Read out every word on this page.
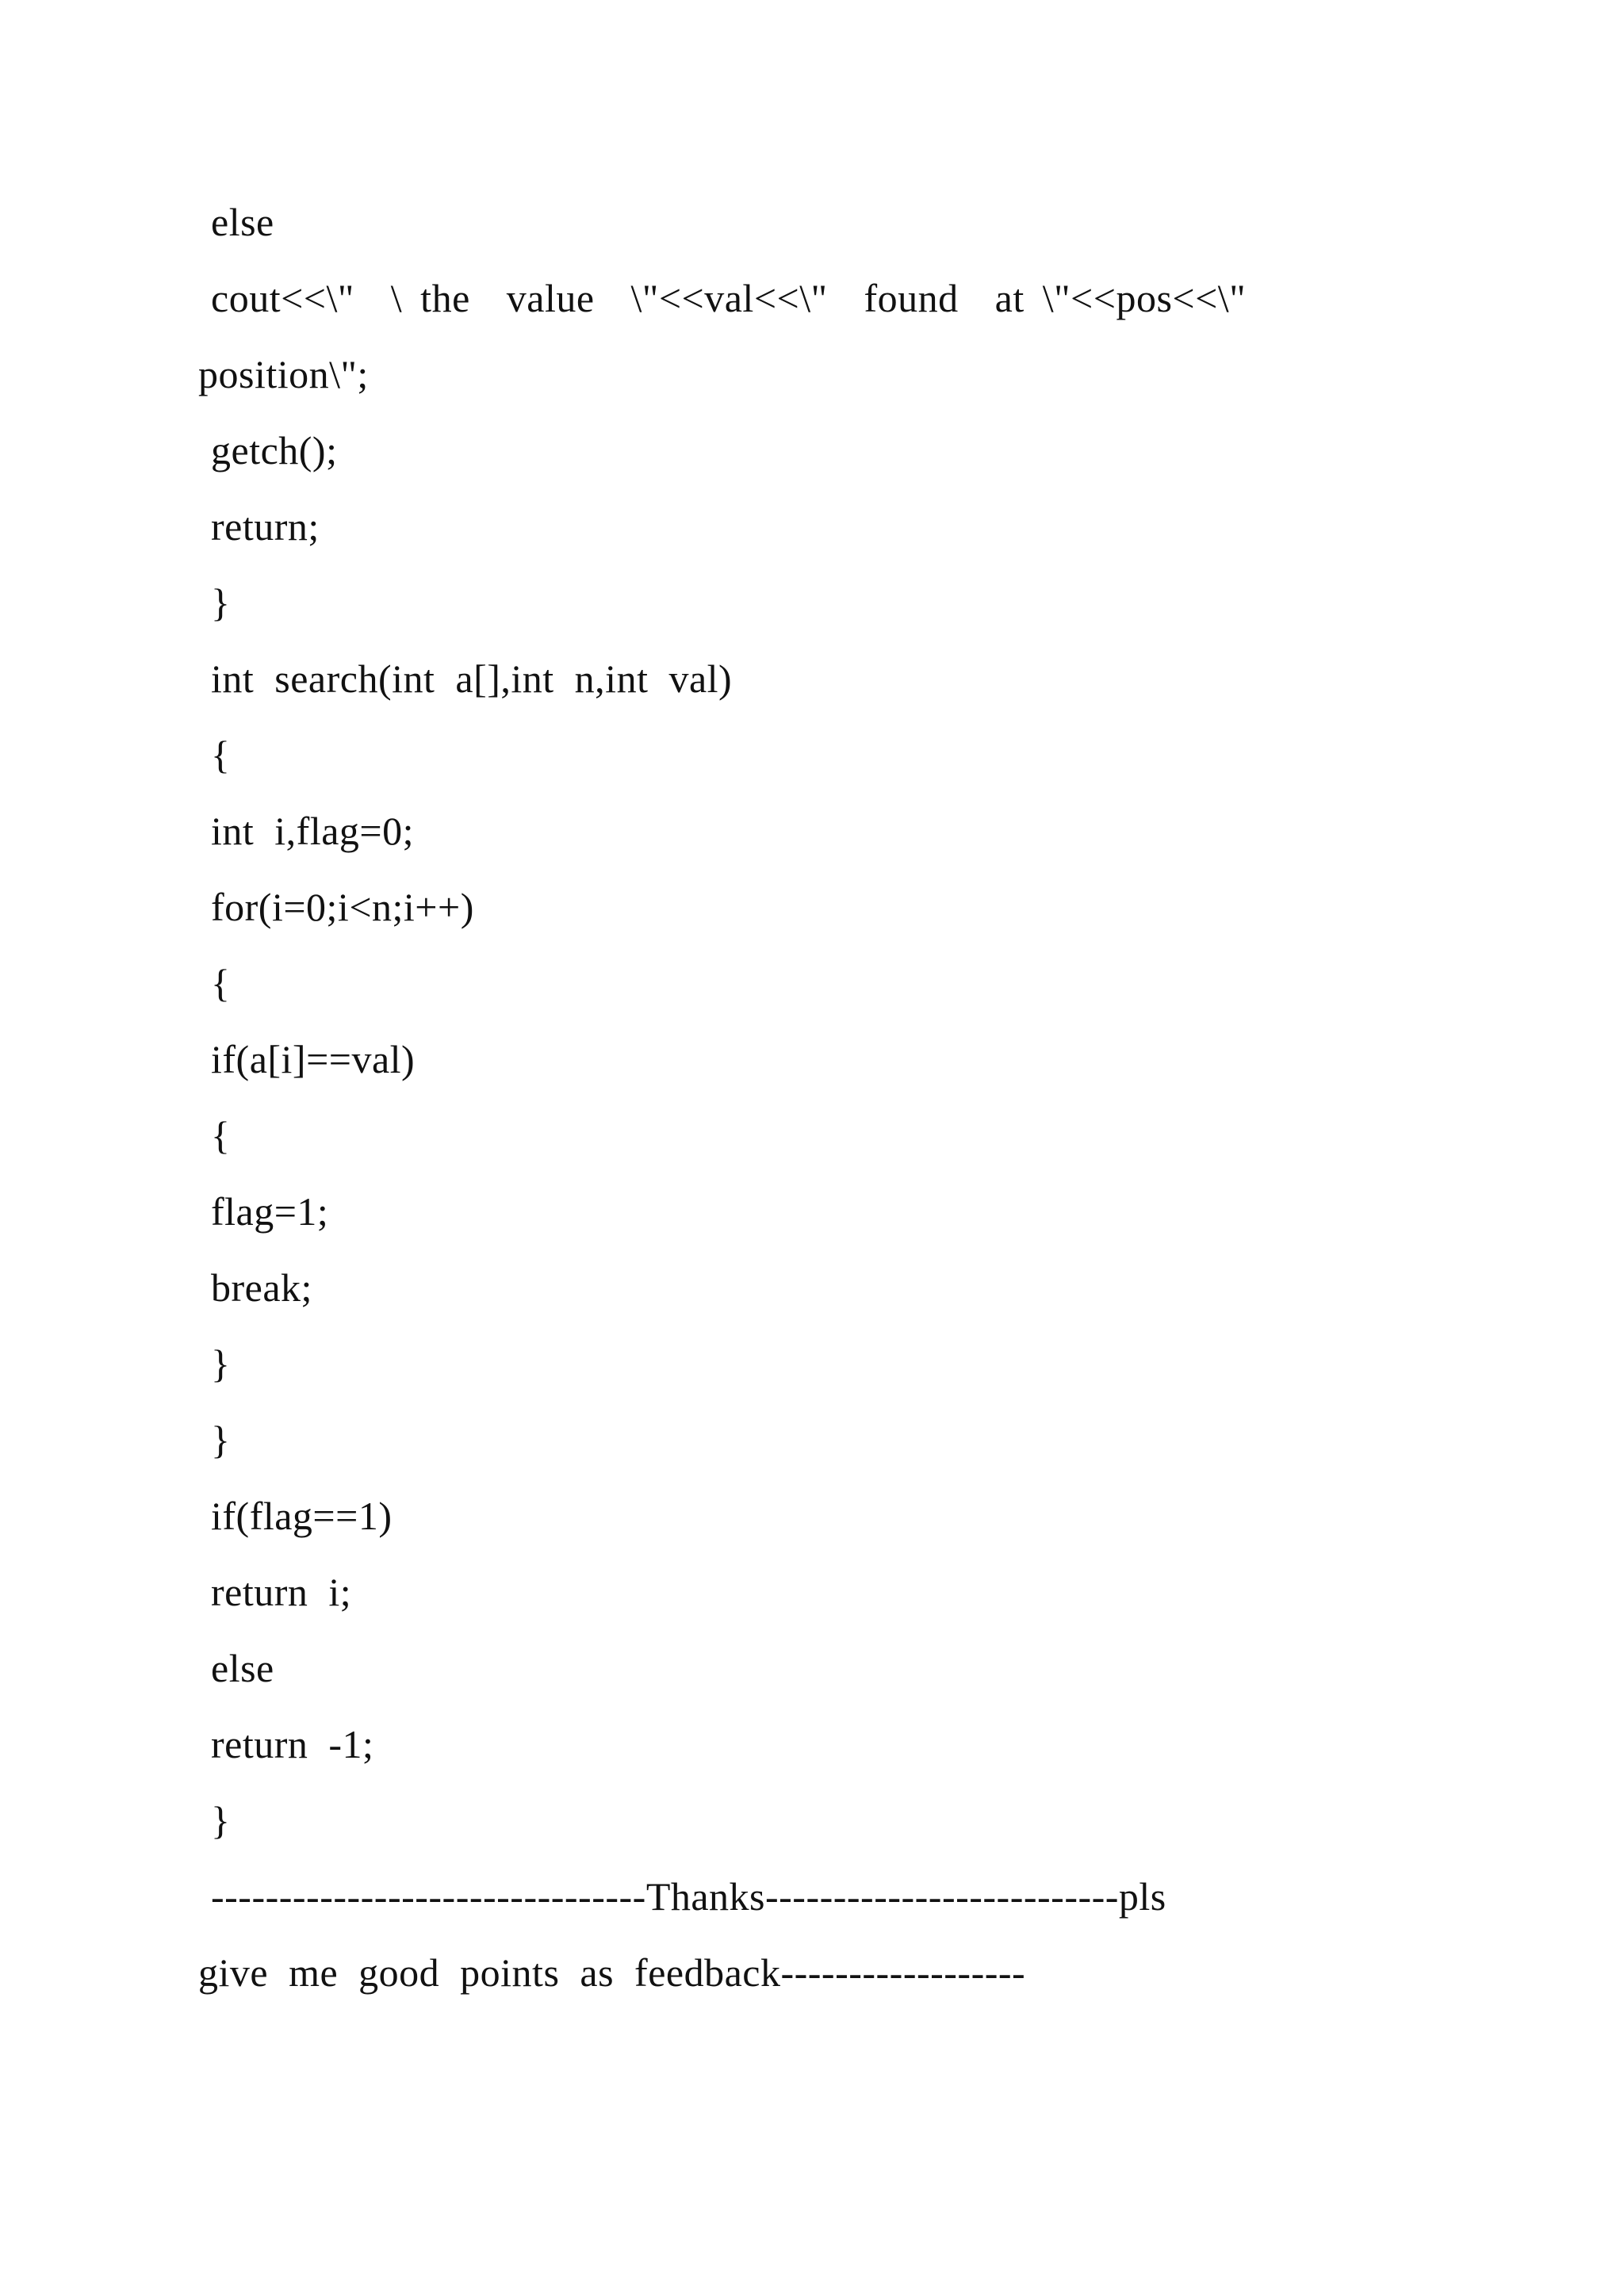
else
cout<<\"  \ the  value  \"<<val<<\"  found  at \"<<pos<<\"
position\";
getch();
return;
}
int  search(int  a[],int  n,int  val)
{
int  i,flag=0;
for(i=0;i<n;i++)
{
if(a[i]==val)
{
flag=1;
break;
}
}
if(flag==1)
return  i;
else
return  -1;
}
--------------------------------Thanks--------------------------pls
give  me  good  points  as  feedback------------------
